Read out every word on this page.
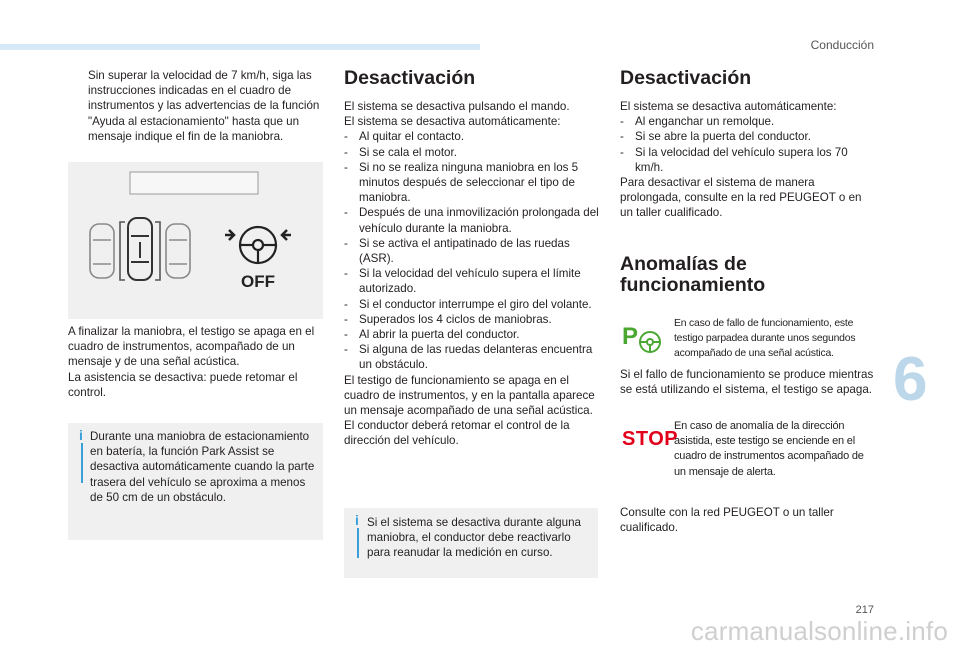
Conducción

Sin superar la velocidad de 7 km/h, siga las instrucciones indicadas en el cuadro de instrumentos y las advertencias de la función "Ayuda al estacionamiento" hasta que un mensaje indique el fin de la maniobra.

OFF

A finalizar la maniobra, el testigo se apaga en el cuadro de instrumentos, acompañado de un mensaje y de una señal acústica.

La asistencia se desactiva: puede retomar el control.

i Durante una maniobra de estacionamiento en batería, la función Park Assist se desactiva automáticamente cuando la parte trasera del vehículo se aproxima a menos de 50 cm de un obstáculo.

Desactivación

El sistema se desactiva pulsando el mando.

El sistema se desactiva automáticamente:

- Al quitar el contacto.
- Si se cala el motor.
- Si no se realiza ninguna maniobra en los 5 minutos después de seleccionar el tipo de maniobra.
- Después de una inmovilización prolongada del vehículo durante la maniobra.
- Si se activa el antipatinado de las ruedas (ASR).
- Si la velocidad del vehículo supera el límite autorizado.
- Si el conductor interrumpe el giro del volante.
- Superados los 4 ciclos de maniobras.
- Al abrir la puerta del conductor.
- Si alguna de las ruedas delanteras encuentra un obstáculo.

El testigo de funcionamiento se apaga en el cuadro de instrumentos, y en la pantalla aparece un mensaje acompañado de una señal acústica.

El conductor deberá retomar el control de la dirección del vehículo.

i Si el sistema se desactiva durante alguna maniobra, el conductor debe reactivarlo para reanudar la medición en curso.

Desactivación

El sistema se desactiva automáticamente:

- Al enganchar un remolque.
- Si se abre la puerta del conductor.
- Si la velocidad del vehículo supera los 70 km/h.

Para desactivar el sistema de manera prolongada, consulte en la red PEUGEOT o en un taller cualificado.

Anomalías de
funcionamiento
P	En caso de fallo de funcionamiento, este testigo parpadea durante unos segundos acompañado de una señal acústica.

Si el fallo de funcionamiento se produce mientras se está utilizando el sistema, el testigo se apaga.

STOP

En caso de anomalía de la dirección asistida, este testigo se enciende en el cuadro de instrumentos acompañado de un mensaje de alerta.

Consulte con la red PEUGEOT o un taller cualificado.

6
217
carmanualsonline.info
